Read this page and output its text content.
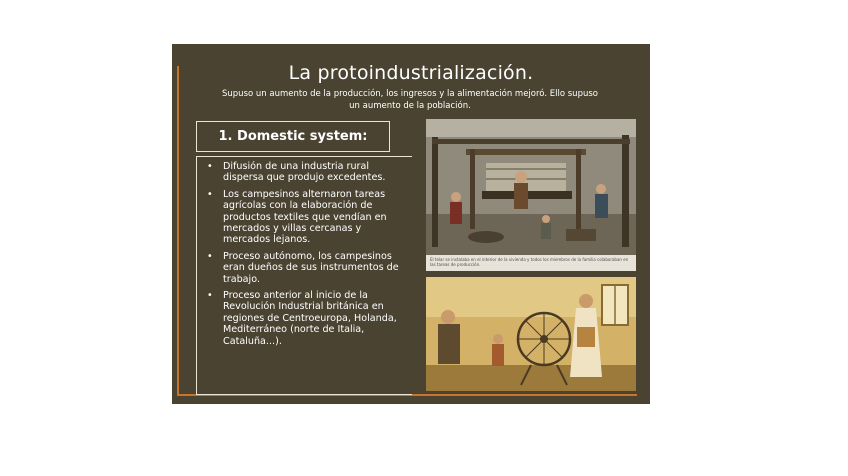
La protoindustrialización.
Supuso un aumento de la producción, los ingresos y la alimentación mejoró. Ello supuso un aumento de la población.
1. Domestic system:
• Difusión de una industria rural dispersa que produjo excedentes.
• Los campesinos alternaron tareas agrícolas con la elaboración de productos textiles que vendían en mercados y villas cercanas y mercados lejanos.
• Proceso autónomo, los campesinos eran dueños de sus instrumentos de trabajo.
• Proceso anterior al inicio de la Revolución Industrial británica en regiones de Centroeuropa, Holanda, Mediterráneo (norte de Italia, Cataluña...).
El telar se instalaba en el interior de la vivienda y todos los miembros de la familia colaboraban en las tareas de producción.
